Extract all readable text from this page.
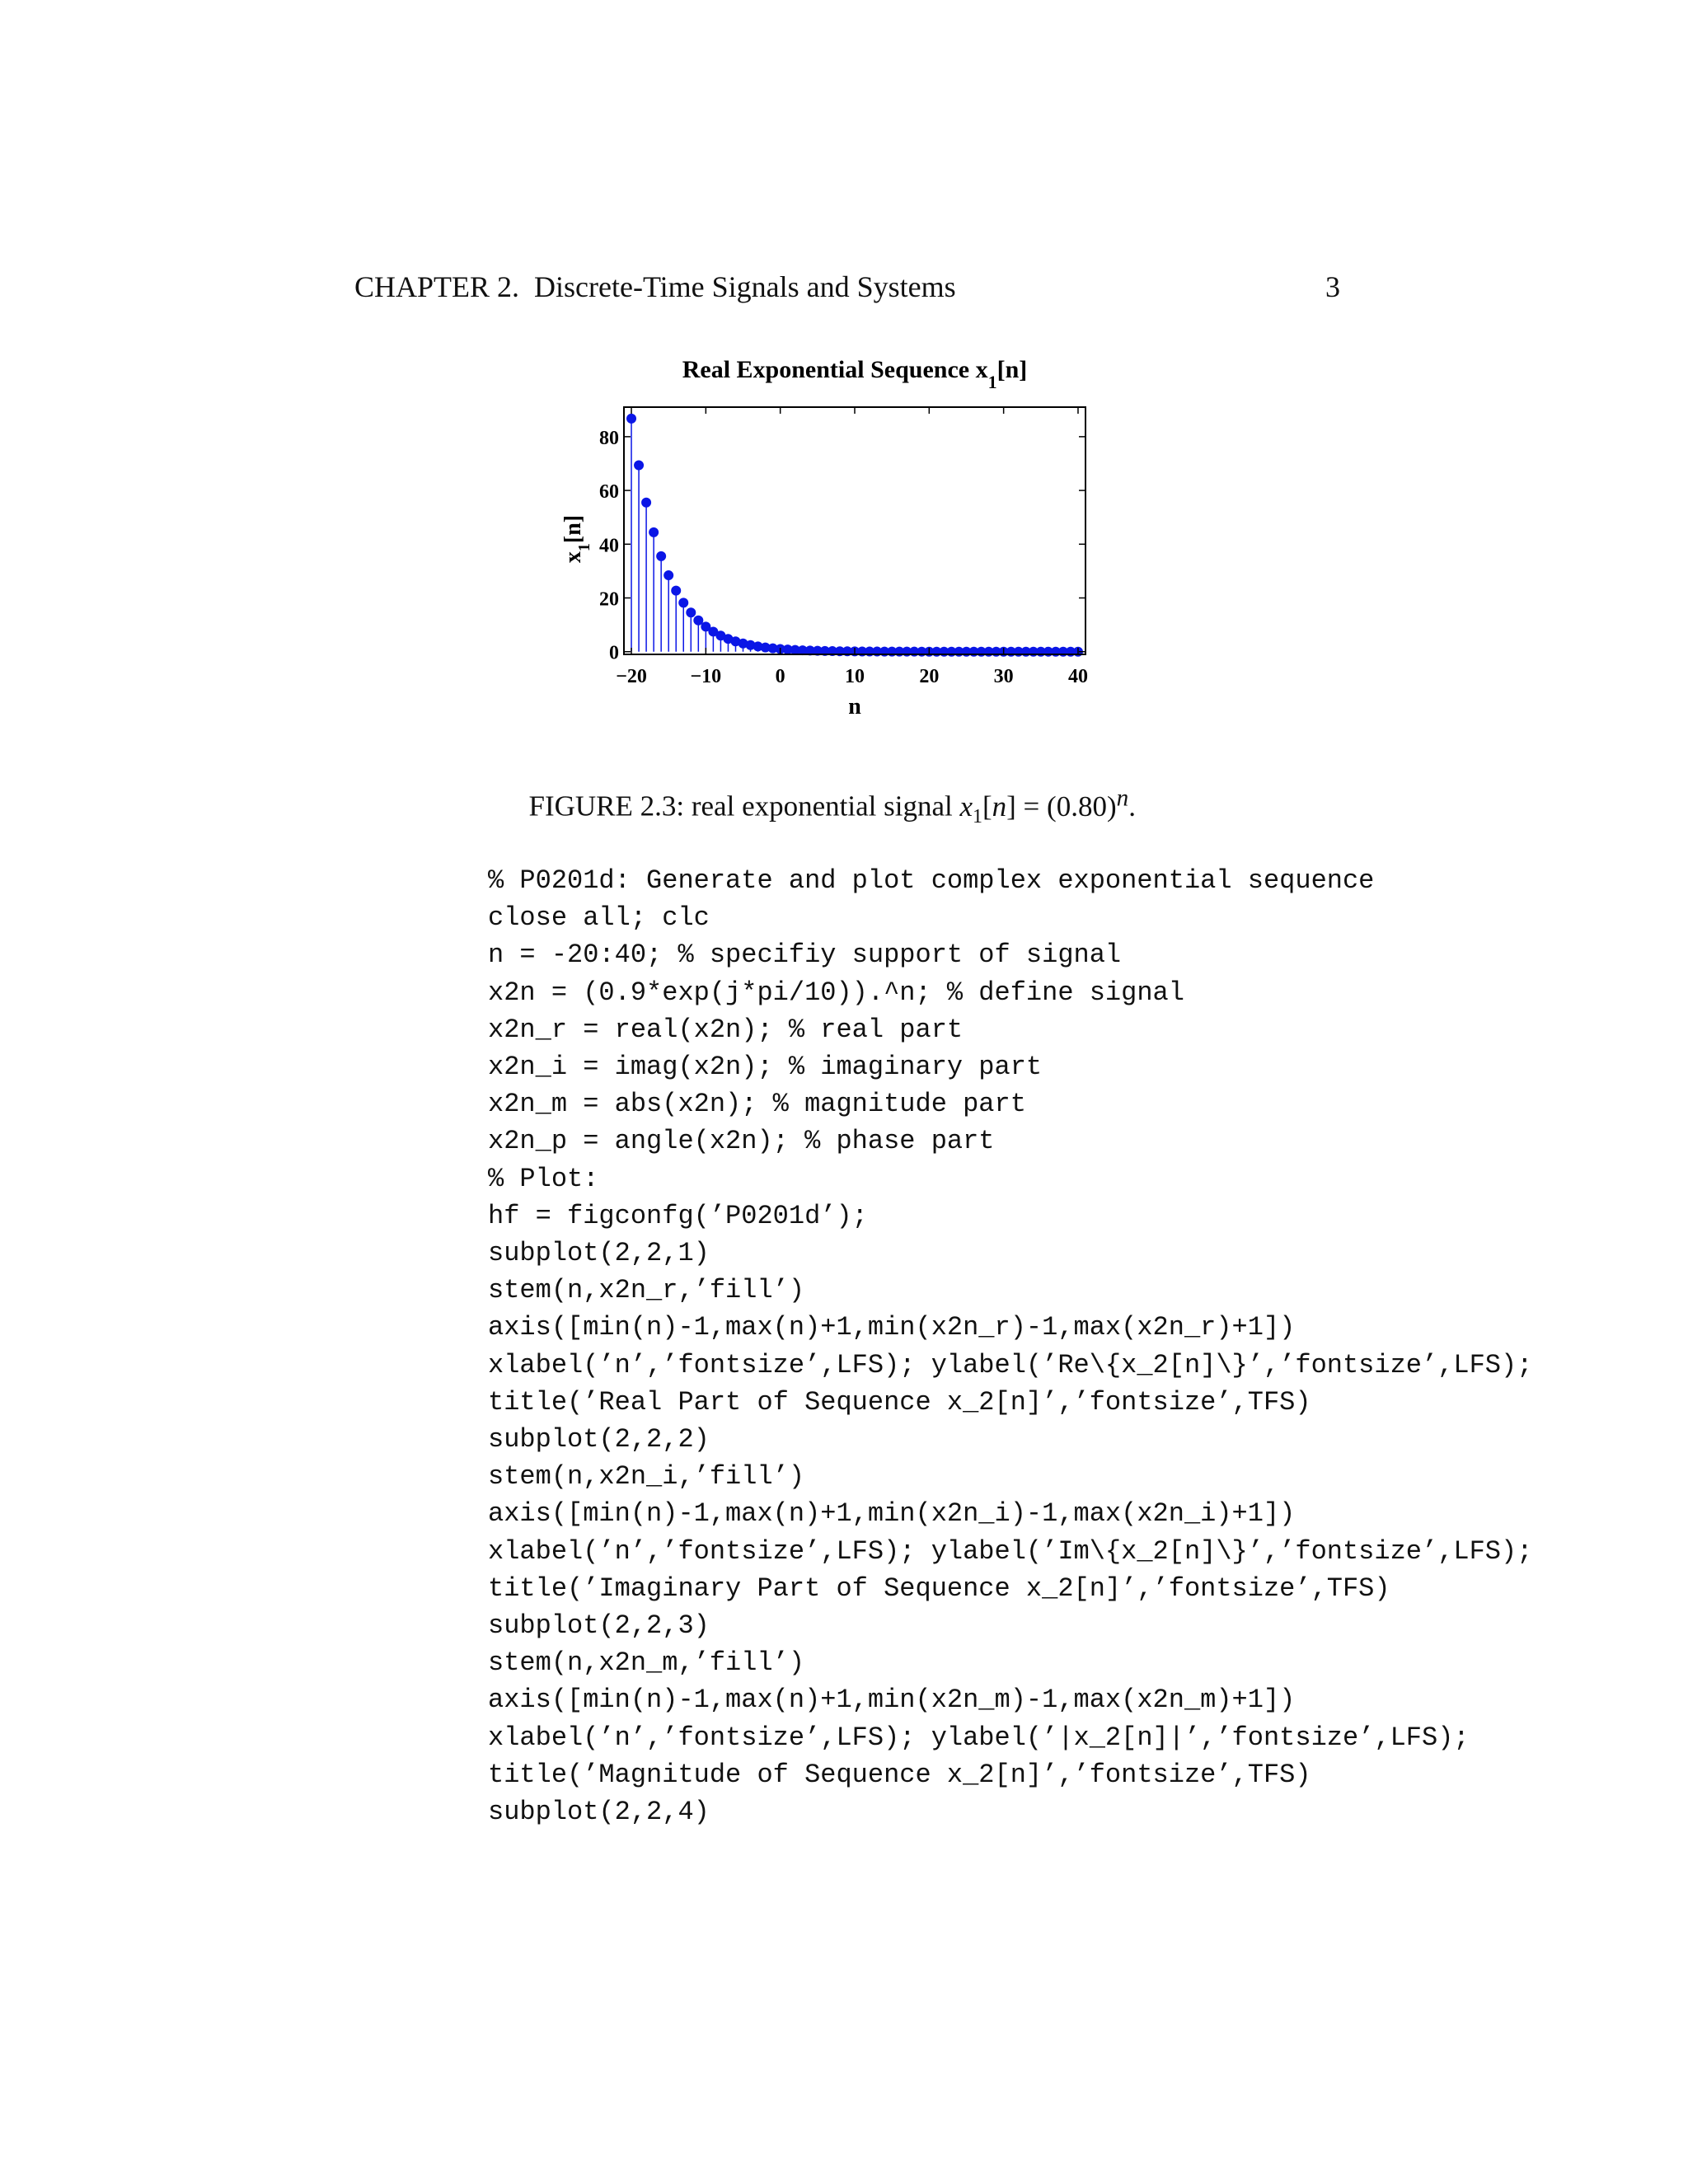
CHAPTER 2.  Discrete-Time Signals and Systems	3
−20 −10	0	10	20	30	40
0
20
40
60
80
Real Exponential Sequence $x_1[n]$
n
$x_1[n]$

FIGURE 2.3: real exponential signal $x_1[n] = (0.80)^n$.

% P0201d: Generate and plot complex exponential sequence
close all; clc
n = -20:40; % specifiy support of signal
x2n = (0.9*exp(j*pi/10)).^n; % define signal
x2n_r = real(x2n); % real part
x2n_i = imag(x2n); % imaginary part
x2n_m = abs(x2n); % magnitude part
x2n_p = angle(x2n); % phase part
% Plot:
hf = figconfg(’P0201d’);
subplot(2,2,1)
stem(n,x2n_r,’fill’)
axis([min(n)-1,max(n)+1,min(x2n_r)-1,max(x2n_r)+1])
xlabel(’n’,’fontsize’,LFS); ylabel(’Re\{x_2[n]\}’,’fontsize’,LFS);
title(’Real Part of Sequence x_2[n]’,’fontsize’,TFS)
subplot(2,2,2)
stem(n,x2n_i,’fill’)
axis([min(n)-1,max(n)+1,min(x2n_i)-1,max(x2n_i)+1])
xlabel(’n’,’fontsize’,LFS); ylabel(’Im\{x_2[n]\}’,’fontsize’,LFS);
title(’Imaginary Part of Sequence x_2[n]’,’fontsize’,TFS)
subplot(2,2,3)
stem(n,x2n_m,’fill’)
axis([min(n)-1,max(n)+1,min(x2n_m)-1,max(x2n_m)+1])
xlabel(’n’,’fontsize’,LFS); ylabel(’|x_2[n]|’,’fontsize’,LFS);
title(’Magnitude of Sequence x_2[n]’,’fontsize’,TFS)
subplot(2,2,4)
